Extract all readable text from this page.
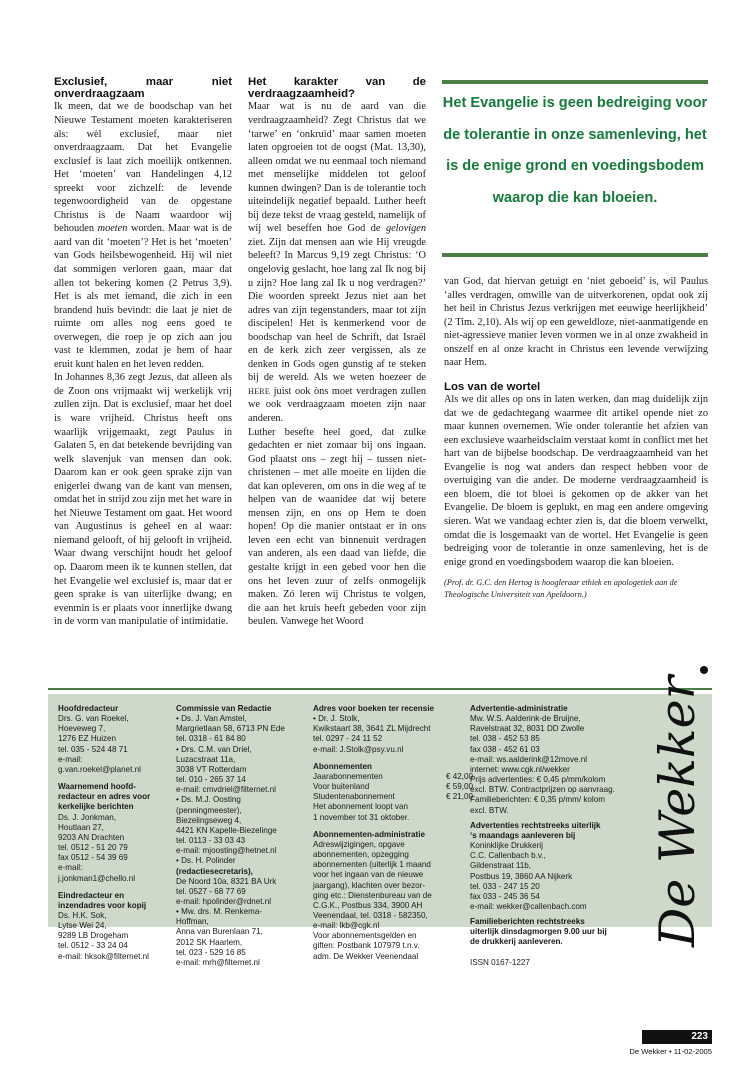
Exclusief, maar niet onverdraagzaam

Ik meen, dat we de boodschap van het Nieuwe Testament moeten karakteriseren als: wèl exclusief, maar niet onverdraagzaam. Dat het Evangelie exclusief is laat zich moeilijk ontkennen. Het ‘moeten’ van Handelingen 4,12 spreekt voor zichzelf: de levende tegenwoordigheid van de opgestane Christus is de Naam waardoor wij behouden moeten worden. Maar wat is de aard van dit ‘moeten’? Het is het ‘moeten’ van Gods heilsbewogenheid. Hij wil niet dat sommigen verloren gaan, maar dat allen tot bekering komen (2 Petrus 3,9). Het is als met iemand, die zich in een brandend huis bevindt: die laat je niet de ruimte om alles nog eens goed te overwegen, die roep je op zich aan jou vast te klemmen, zodat je hem of haar eruit kunt halen en het leven redden.

In Johannes 8,36 zegt Jezus, dat alleen als de Zoon ons vrijmaakt wij werkelijk vrij zullen zijn. Dat is exclusief, maar het doel is ware vrijheid. Christus heeft ons waarlijk vrijgemaakt, zegt Paulus in Galaten 5, en dat betekende bevrijding van welk slavenjuk van mensen dan ook. Daarom kan er ook geen sprake zijn van enigerlei dwang van de kant van mensen, omdat het in strijd zou zijn met het ware in het Nieuwe Testament om gaat. Het woord van Augustinus is geheel en al waar: niemand gelooft, of hij gelooft in vrijheid. Waar dwang verschijnt houdt het geloof op. Daarom meen ik te kunnen stellen, dat het Evangelie wel exclusief is, maar dat er geen sprake is van uiterlijke dwang; en evenmin is er plaats voor innerlijke dwang in de vorm van manipulatie of intimidatie.

Het karakter van de verdraagzaamheid?

Maar wat is nu de aard van die verdraagzaamheid? Zegt Christus dat we ‘tarwe’ en ‘onkruid’ maar samen moeten laten opgroeien tot de oogst (Mat. 13,30), alleen omdat we nu eenmaal toch niemand met menselijke middelen tot geloof kunnen dwingen? Dan is de tolerantie toch uiteindelijk negatief bepaald. Luther heeft bij deze tekst de vraag gesteld, namelijk of wij wel beseffen hoe God de gelovigen ziet. Zijn dat mensen aan wie Hij vreugde beleeft? In Marcus 9,19 zegt Christus: ‘O ongelovig geslacht, hoe lang zal Ik nog bij u zijn? Hoe lang zal Ik u nog verdragen?’ Die woorden spreekt Jezus niet aan het adres van zijn tegenstanders, maar tot zijn discipelen! Het is kenmerkend voor de boodschap van heel de Schrift, dat Israël en de kerk zich zeer vergissen, als ze denken in Gods ogen gunstig af te steken bij de wereld. Als we weten hoezeer de HERE juist ook òns moet verdragen zullen we ook verdraagzaam moeten zijn naar anderen.

Luther besefte heel goed, dat zulke gedachten er niet zomaar bij ons ingaan. God plaatst ons – zegt hij – tussen niet-christenen – met alle moeite en lijden die dat kan opleveren, om ons in die weg af te helpen van de waanidee dat wij betere mensen zijn, en ons op Hem te doen hopen! Op die manier ontstaat er in ons leven een echt van binnenuit verdragen van anderen, als een daad van liefde, die gestalte krijgt in een gebed voor hen die ons het leven zuur of zelfs onmogelijk maken. Zó leren wij Christus te volgen, die aan het kruis heeft gebeden voor zijn beulen. Vanwege het Woord

Het Evangelie is geen bedreiging voor de tolerantie in onze samenleving, het is de enige grond en voedingsbodem waarop die kan bloeien.

van God, dat hiervan getuigt en ‘niet geboeid’ is, wil Paulus ‘alles verdragen, omwille van de uitverkorenen, opdat ook zij het heil in Christus Jezus verkrijgen met eeuwige heerlijkheid’ (2 Tim. 2,10). Als wij op een geweldloze, niet-aanmatigende en niet-agressieve manier leven vormen we in al onze zwakheid in onszelf en al onze kracht in Christus een levende verwijzing naar Hem.

Los van de wortel

Als we dit alles op ons in laten werken, dan mag duidelijk zijn dat we de gedachtegang waarmee dit artikel opende niet zo maar kunnen overnemen. Wie onder tolerantie het afzien van een exclusieve waarheidsclaim verstaat komt in conflict met het hart van de bijbelse boodschap. De verdraagzaamheid van het Evangelie is nog wat anders dan respect hebben voor de overtuiging van die ander. De moderne verdraagzaamheid is een bloem, die tot bloei is gekomen op de akker van het Evangelie. De bloem is geplukt, en mag een andere omgeving sieren. Wat we vandaag echter zien is, dat die bloem verwelkt, omdat die is losgemaakt van de wortel. Het Evangelie is geen bedreiging voor de tolerantie in onze samenleving, het is de enige grond en voedingsbodem waarop die kan bloeien.

(Prof. dr. G.C. den Hertog is hoogleraar ethiek en apologetiek aan de Theologische Universiteit van Apeldoorn.)
Hoofdredacteur
Drs. G. van Roekel,
Hoeveweg 7,
1276 EZ Huizen
tel. 035 - 524 48 71
e-mail:
g.van.roekel@planet.nl
Waarnemend hoofd-
redacteur en adres voor
kerkelijke berichten
Ds. J. Jonkman,
Houtlaan 27,
9203 AN Drachten
tel. 0512 - 51 20 79
fax 0512 - 54 39 69
e-mail:
j.jonkman1@chello.nl
Eindredacteur en
inzendadres voor kopij
Ds. H.K. Sok,
Lytse Wei 24,
9289 LB Drogeham
tel. 0512 - 33 24 04
e-mail: hksok@filternet.nl
Commissie van Redactie
• Ds. J. Van Amstel,
Margrietlaan 58, 6713 PN Ede
tel. 0318 - 61 84 80
• Drs. C.M. van Driel,
Luzacstraat 11a,
3038 VT Rotterdam
tel. 010 - 265 37 14
e-mail: cmvdriel@filternet.nl
• Ds. M.J. Oosting
(penningmeester),
Biezelingseweg 4,
4421 KN Kapelle-Biezelinge
tel. 0113 - 33 03 43
e-mail: mjoosting@hetnet.nl
• Ds. H. Polinder
(redactiesecretaris),
De Noord 10a, 8321 BA Urk
tel. 0527 - 68 77 69
e-mail: hpolinder@rdnet.nl
• Mw. drs. M. Renkema-
Hoffman,
Anna van Burenlaan 71,
2012 SK Haarlem,
tel. 023 - 529 16 85
e-mail: mrh@filternet.nl
Adres voor boeken ter recensie
• Dr. J. Stolk,
Kwikstaart 38, 3641 ZL Mijdrecht
tel. 0297 - 24 11 52
e-mail: J.Stolk@psy.vu.nl
Abonnementen
Jaarabonnementen	€ 42,00
Voor buitenland	€ 59,00
Studentenabonnement	€ 21,00
Het abonnement loopt van
1 november tot 31 oktober.
Abonnementen-administratie
Adreswijzigingen, opgave
abonnementen, opzegging
abonnementen (uiterlijk 1 maand
voor het ingaan van de nieuwe
jaargang), klachten over bezor-
ging etc.: Dienstenbureau van de
C.G.K., Postbus 334, 3900 AH
Veenendaal, tel. 0318 - 582350,
e-mail: lkb@cgk.nl
Voor abonnementsgelden en
giften: Postbank 107979 t.n.v.
adm. De Wekker Veenendaal
Advertentie-administratie
Mw. W.S. Aalderink-de Bruijne,
Ravelstraat 32, 8031 DD Zwolle
tel. 038 - 452 53 85
fax 038 - 452 61 03
e-mail: ws.aalderink@12move.nl
internet: www.cgk.nl/wekker
Prijs advertenties: € 0,45 p/mm/kolom
excl. BTW. Contractprijzen op aanvraag.
Familieberichten: € 0,35 p/mm/ kolom
excl. BTW.
Advertenties rechtstreeks uiterlijk
‘s maandags aanleveren bij
Koninklijke Drukkerij
C.C. Callenbach b.v.,
Gildenstraat 11b,
Postbus 19, 3860 AA Nijkerk
tel. 033 - 247 15 20
fax 033 - 245 36 54
e-mail: wekker@callenbach.com
Familieberichten rechtstreeks
uiterlijk dinsdagmorgen 9.00 uur bij
de drukkerij aanleveren.
ISSN 0167-1227
De Wekker
223
De Wekker • 11-02-2005
